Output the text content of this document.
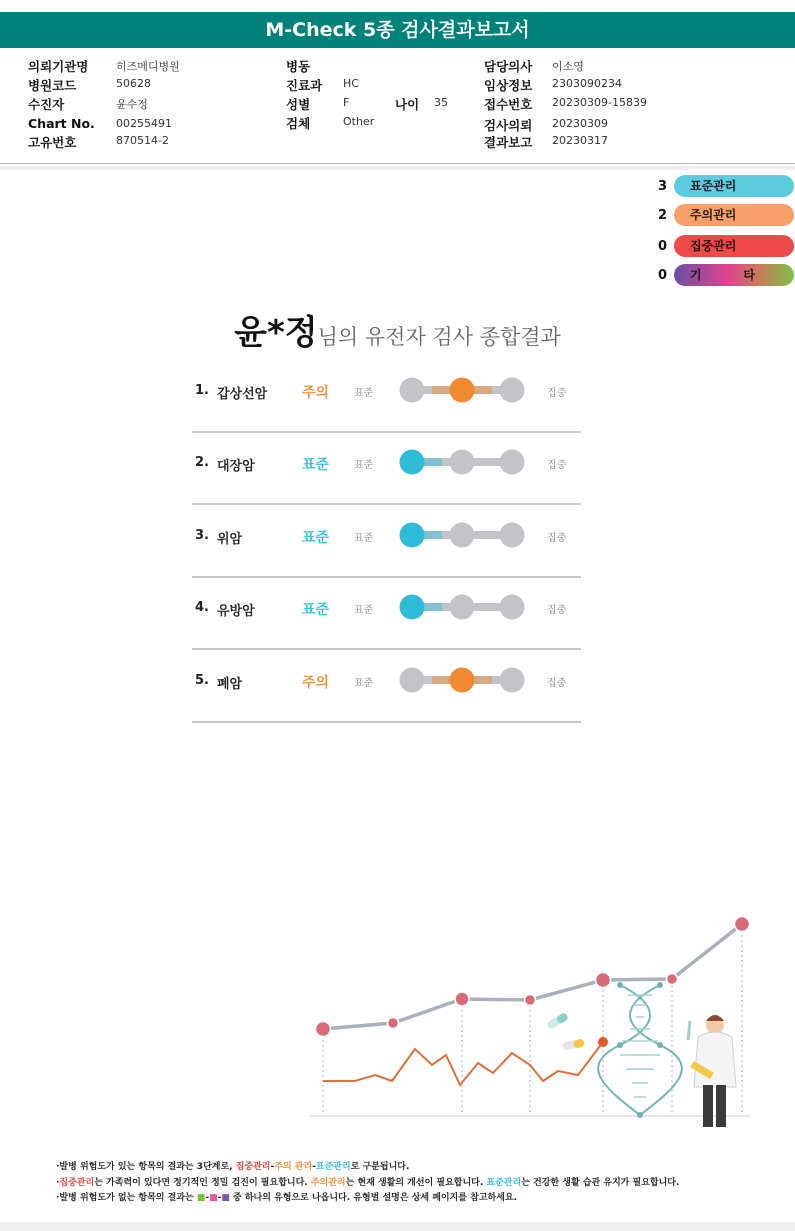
M-Check 5종 검사결과보고서
의뢰기관명	히즈메디병원
병원코드	50628
수진자	윤수정
Chart No. 00255491
고유번호	870514-2
병동
진료과 HC
성별	F
검체	Other
나이 35
담당의사 이소영
임상정보 2303090234
접수번호 20230309-15839
검사의뢰 20230309
결과보고 20230317
3	표준관리
2	주의관리
0	집중관리
0	기          타
윤*정님의 유전자 검사 종합결과
1. 갑상선암 주의 표준	집중
2. 대장암	표준 표준	집중
3. 위암	표준 표준	집중
4. 유방암	표준 표준	집중
5. 폐암	주의 표준	집중
·발병 위험도가 있는 항목의 결과는 3단계로, 집중관리-주의 관리-표준관리로 구분됩니다.
·집중관리는 가족력이 있다면 정기적인 정밀 검진이 필요합니다. 주의관리는 현재 생활의 개선이 필요합니다. 표준관리는 건강한 생활 습관 유지가 필요합니다.
·발병 위험도가 없는 항목의 결과는 ■-■-■ 중 하나의 유형으로 나옵니다. 유형별 설명은 상세 페이지를 참고하세요.
